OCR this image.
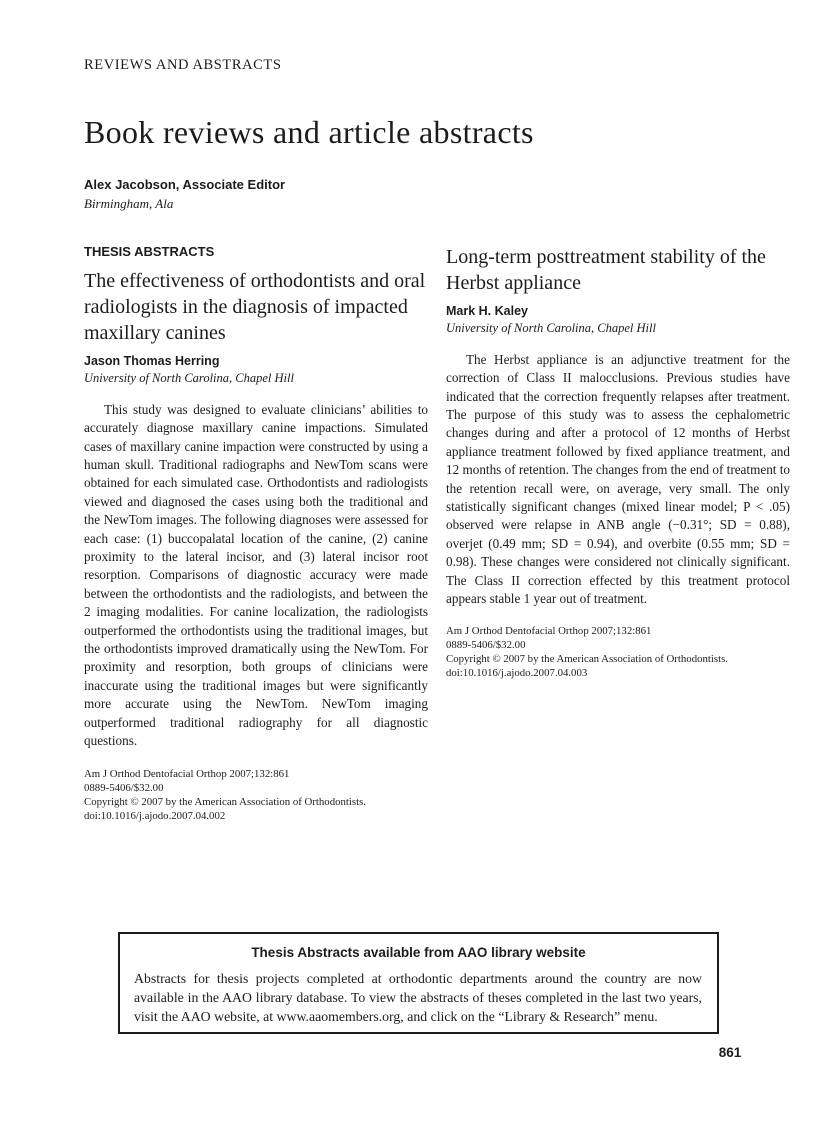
REVIEWS AND ABSTRACTS
Book reviews and article abstracts
Alex Jacobson, Associate Editor
Birmingham, Ala
THESIS ABSTRACTS
The effectiveness of orthodontists and oral radiologists in the diagnosis of impacted maxillary canines
Jason Thomas Herring
University of North Carolina, Chapel Hill

This study was designed to evaluate clinicians’ abilities to accurately diagnose maxillary canine impactions. Simulated cases of maxillary canine impaction were constructed by using a human skull. Traditional radiographs and NewTom scans were obtained for each simulated case. Orthodontists and radiologists viewed and diagnosed the cases using both the traditional and the NewTom images. The following diagnoses were assessed for each case: (1) buccopalatal location of the canine, (2) canine proximity to the lateral incisor, and (3) lateral incisor root resorption. Comparisons of diagnostic accuracy were made between the orthodontists and the radiologists, and between the 2 imaging modalities. For canine localization, the radiologists outperformed the orthodontists using the traditional images, but the orthodontists improved dramatically using the NewTom. For proximity and resorption, both groups of clinicians were inaccurate using the traditional images but were significantly more accurate using the NewTom. NewTom imaging outperformed traditional radiography for all diagnostic questions.

Am J Orthod Dentofacial Orthop 2007;132:861
0889-5406/$32.00
Copyright © 2007 by the American Association of Orthodontists.
doi:10.1016/j.ajodo.2007.04.002
Long-term posttreatment stability of the Herbst appliance
Mark H. Kaley
University of North Carolina, Chapel Hill

The Herbst appliance is an adjunctive treatment for the correction of Class II malocclusions. Previous studies have indicated that the correction frequently relapses after treatment. The purpose of this study was to assess the cephalometric changes during and after a protocol of 12 months of Herbst appliance treatment followed by fixed appliance treatment, and 12 months of retention. The changes from the end of treatment to the retention recall were, on average, very small. The only statistically significant changes (mixed linear model; P < .05) observed were relapse in ANB angle (−0.31°; SD = 0.88), overjet (0.49 mm; SD = 0.94), and overbite (0.55 mm; SD = 0.98). These changes were considered not clinically significant. The Class II correction effected by this treatment protocol appears stable 1 year out of treatment.

Am J Orthod Dentofacial Orthop 2007;132:861
0889-5406/$32.00
Copyright © 2007 by the American Association of Orthodontists.
doi:10.1016/j.ajodo.2007.04.003
Thesis Abstracts available from AAO library website
Abstracts for thesis projects completed at orthodontic departments around the country are now available in the AAO library database. To view the abstracts of theses completed in the last two years, visit the AAO website, at www.aaomembers.org, and click on the “Library & Research” menu.
861
